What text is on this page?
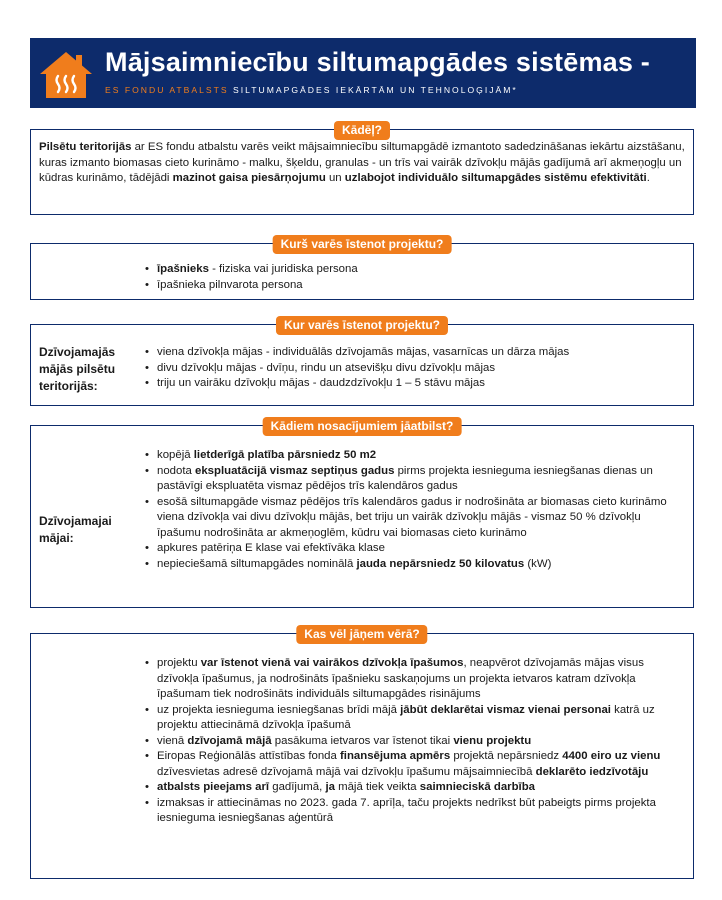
Mājsaimniecību siltumapgādes sistēmas -
ES FONDU ATBALSTS SILTUMAPGĀDES IEKĀRTĀM UN TEHNOLOĢIJĀM*
Kādēļ?
Pilsētu teritorijās ar ES fondu atbalstu varēs veikt mājsaimniecību siltumapgādē izmantoto sadedzināšanas iekārtu aizstāšanu, kuras izmanto biomasas cieto kurināmo - malku, šķeldu, granulas - un trīs vai vairāk dzīvokļu mājās gadījumā arī akmeņogļu un kūdras kurināmo, tādējādi mazinot gaisa piesārņojumu un uzlabojot individuālo siltumapgādes sistēmu efektivitāti.
Kurš varēs īstenot projektu?
• īpašnieks - fiziska vai juridiska persona
• īpašnieka pilnvarota persona
Kur varēs īstenot projektu?
Dzīvojamajās mājās pilsētu teritorijās:
• viena dzīvokļa mājas - individuālās dzīvojamās mājas, vasarnīcas un dārza mājas
• divu dzīvokļu mājas - dvīņu, rindu un atsevišķu divu dzīvokļu mājas
• triju un vairāku dzīvokļu mājas - daudzdzīvokļu 1 – 5 stāvu mājas
Kādiem nosacījumiem jāatbilst?
Dzīvojamajai mājai:
• kopējā lietderīgā platība pārsniedz 50 m2
• nodota ekspluatācijā vismaz septiņus gadus pirms projekta iesnieguma iesniegšanas dienas un pastāvīgi ekspluatēta vismaz pēdējos trīs kalendāros gadus
• esošā siltumapgāde vismaz pēdējos trīs kalendāros gadus ir nodrošināta ar biomasas cieto kurināmo viena dzīvokļa vai divu dzīvokļu mājās, bet triju un vairāk dzīvokļu mājās - vismaz 50 % dzīvokļu īpašumu nodrošināta ar akmeņoglēm, kūdru vai biomasas cieto kurināmo
• apkures patēriņa E klase vai efektīvāka klase
• nepieciešamā siltumapgādes nominālā jauda nepārsniedz 50 kilovatus (kW)
Kas vēl jāņem vērā?
• projektu var īstenot vienā vai vairākos dzīvokļa īpašumos, neapvērot dzīvojamās mājas visus dzīvokļa īpašumus, ja nodrošināts īpašnieku saskaņojums un projekta ietvaros katram dzīvokļa īpašumam tiek nodrošināts individuāls siltumapgādes risinājums
• uz projekta iesnieguma iesniegšanas brīdi mājā jābūt deklarētai vismaz vienai personai katrā uz projektu attiecināmā dzīvokļa īpašumā
• vienā dzīvojamā mājā pasākuma ietvaros var īstenot tikai vienu projektu
• Eiropas Reģionālās attīstības fonda finansējuma apmērs projektā nepārsniedz 4400 eiro uz vienu dzīvesvietas adresē dzīvojamā mājā vai dzīvokļu īpašumu mājsaimniecībā deklarēto iedzīvotāju
• atbalsts pieejams arī gadījumā, ja mājā tiek veikta saimnieciskā darbība
• izmaksas ir attiecināmas no 2023. gada 7. aprīļa, taču projekts nedrīkst būt pabeigts pirms projekta iesnieguma iesniegšanas aģentūrā
